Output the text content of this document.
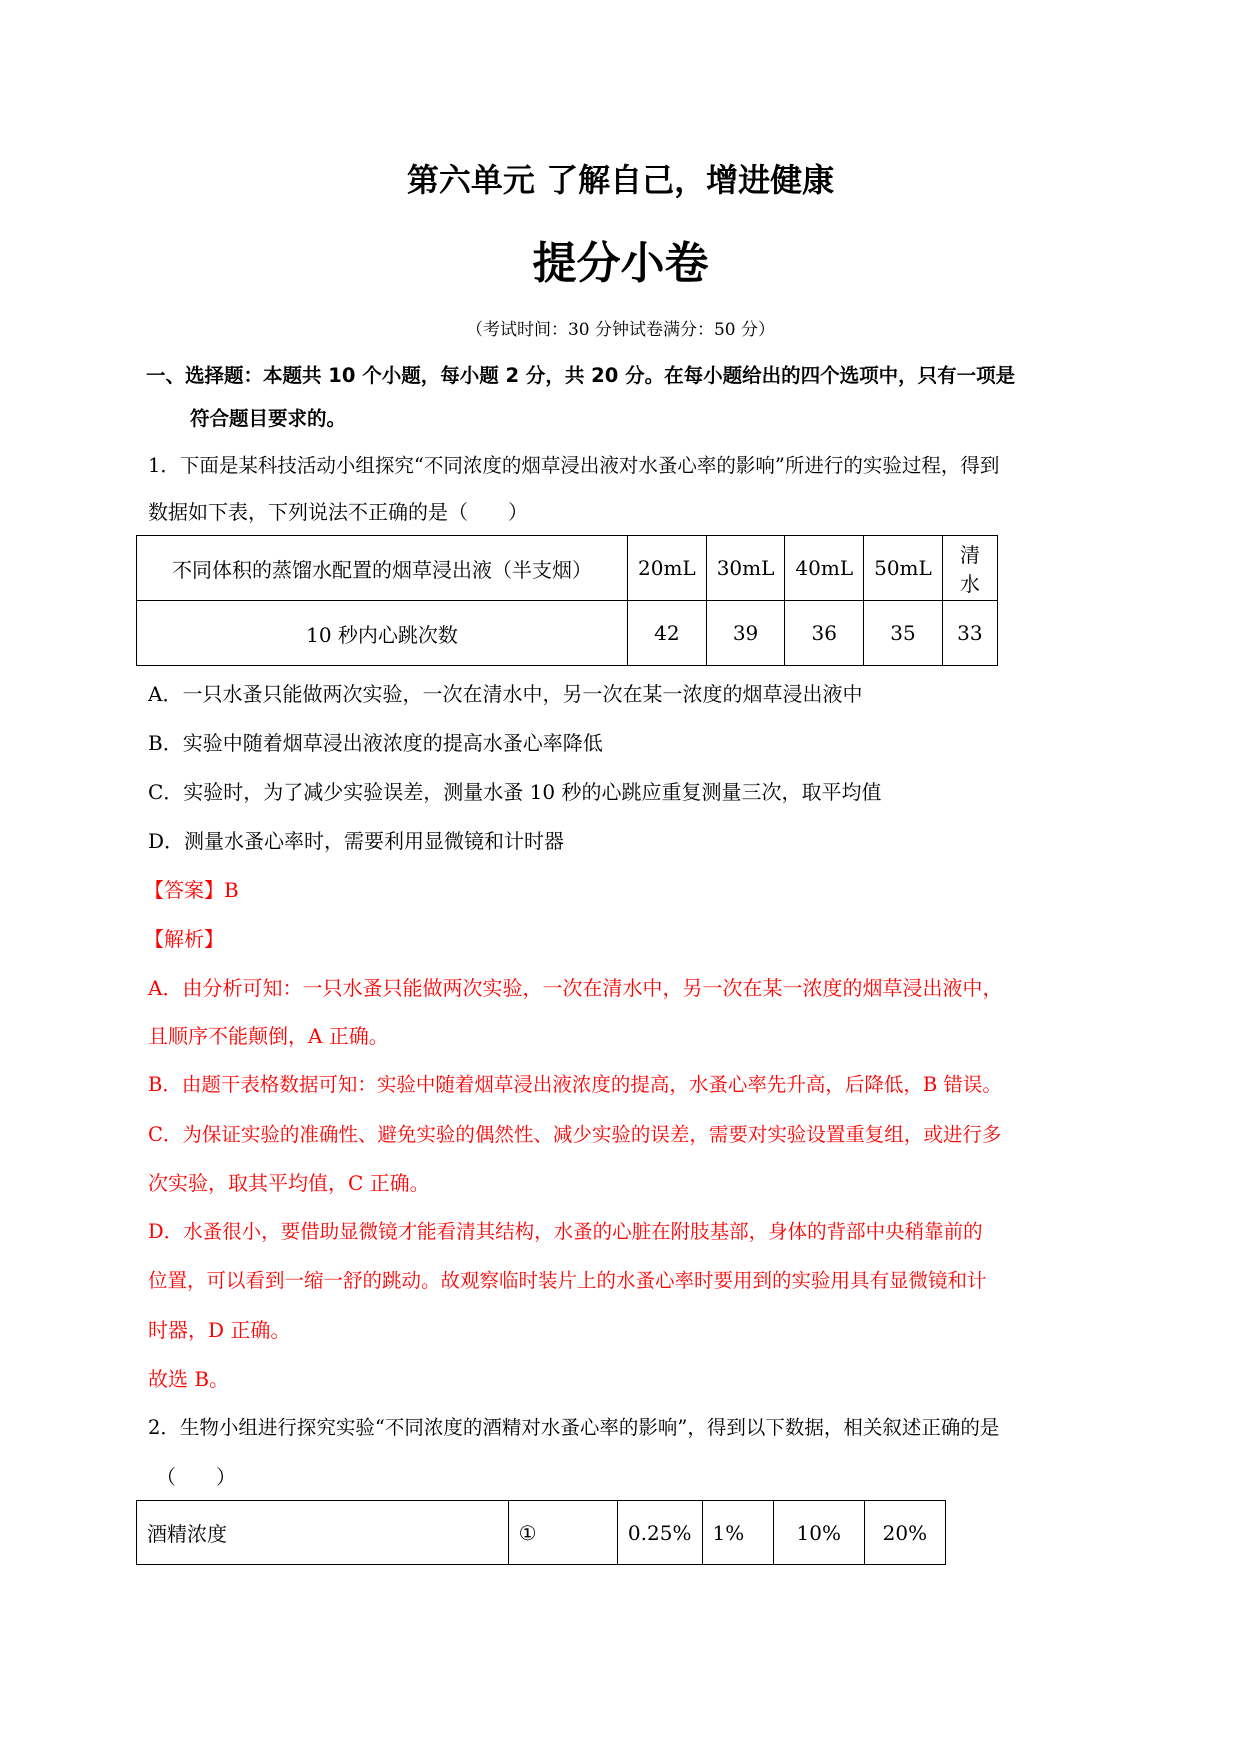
第六单元 了解自己，增进健康
提分小卷
（考试时间：30 分钟试卷满分：50 分）
一、选择题：本题共 10 个小题，每小题 2 分，共 20 分。在每小题给出的四个选项中，只有一项是
符合题目要求的。
1．下面是某科技活动小组探究“不同浓度的烟草浸出液对水蚤心率的影响”所进行的实验过程，得到
数据如下表，下列说法不正确的是（　　）
不同体积的蒸馏水配置的烟草浸出液（半支烟）	20mL	30mL	40mL	50mL	清水
10 秒内心跳次数	42	39	36	35	33
A．一只水蚤只能做两次实验，一次在清水中，另一次在某一浓度的烟草浸出液中
B．实验中随着烟草浸出液浓度的提高水蚤心率降低
C．实验时，为了减少实验误差，测量水蚤 10 秒的心跳应重复测量三次，取平均值
D．测量水蚤心率时，需要利用显微镜和计时器
【答案】B
【解析】
A．由分析可知：一只水蚤只能做两次实验，一次在清水中，另一次在某一浓度的烟草浸出液中，
且顺序不能颠倒，A 正确。
B．由题干表格数据可知：实验中随着烟草浸出液浓度的提高，水蚤心率先升高，后降低，B 错误。
C．为保证实验的准确性、避免实验的偶然性、减少实验的误差，需要对实验设置重复组，或进行多
次实验，取其平均值，C 正确。
D．水蚤很小，要借助显微镜才能看清其结构，水蚤的心脏在附肢基部，身体的背部中央稍靠前的
位置，可以看到一缩一舒的跳动。故观察临时装片上的水蚤心率时要用到的实验用具有显微镜和计
时器，D 正确。
故选 B。
2．生物小组进行探究实验“不同浓度的酒精对水蚤心率的影响”，得到以下数据，相关叙述正确的是
（　　）
酒精浓度	①	0.25%	1%	10%	20%
